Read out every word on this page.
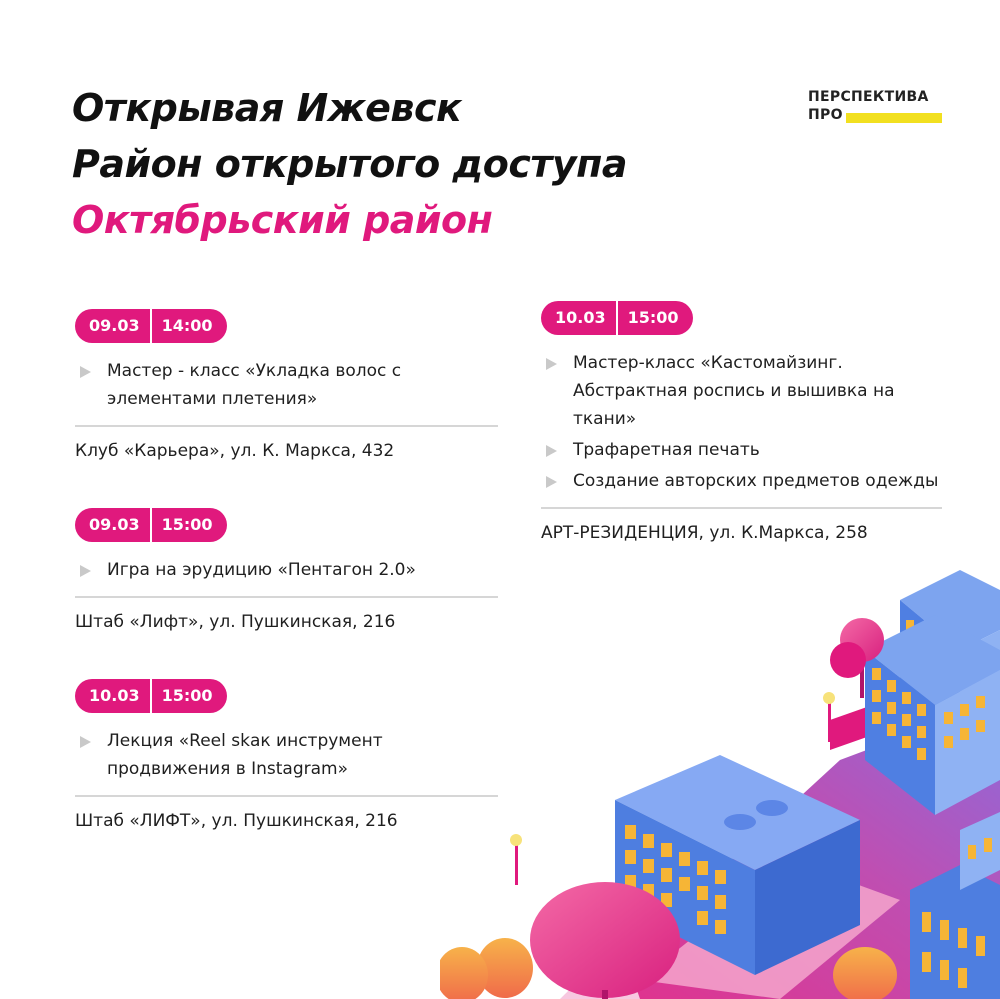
Открывая Ижевск
Район открытого доступа
Октябрьский район
ПЕРСПЕКТИВА
ПРО
09.03	14:00
Мастер - класс «Укладка волос с элементами плетения»
Клуб «Карьера», ул. К. Маркса, 432
09.03	15:00
Игра на эрудицию «Пентагон 2.0»
Штаб «Лифт», ул. Пушкинская, 216
10.03	15:00
Лекция «Reel skак инструмент продвижения в Instagram»
Штаб «ЛИФТ», ул. Пушкинская, 216
10.03	15:00
Мастер-класс «Кастомайзинг. Абстрактная роспись и вышивка на ткани»
Трафаретная печать
Создание авторских предметов одежды
АРТ-РЕЗИДЕНЦИЯ, ул. К.Маркса, 258
